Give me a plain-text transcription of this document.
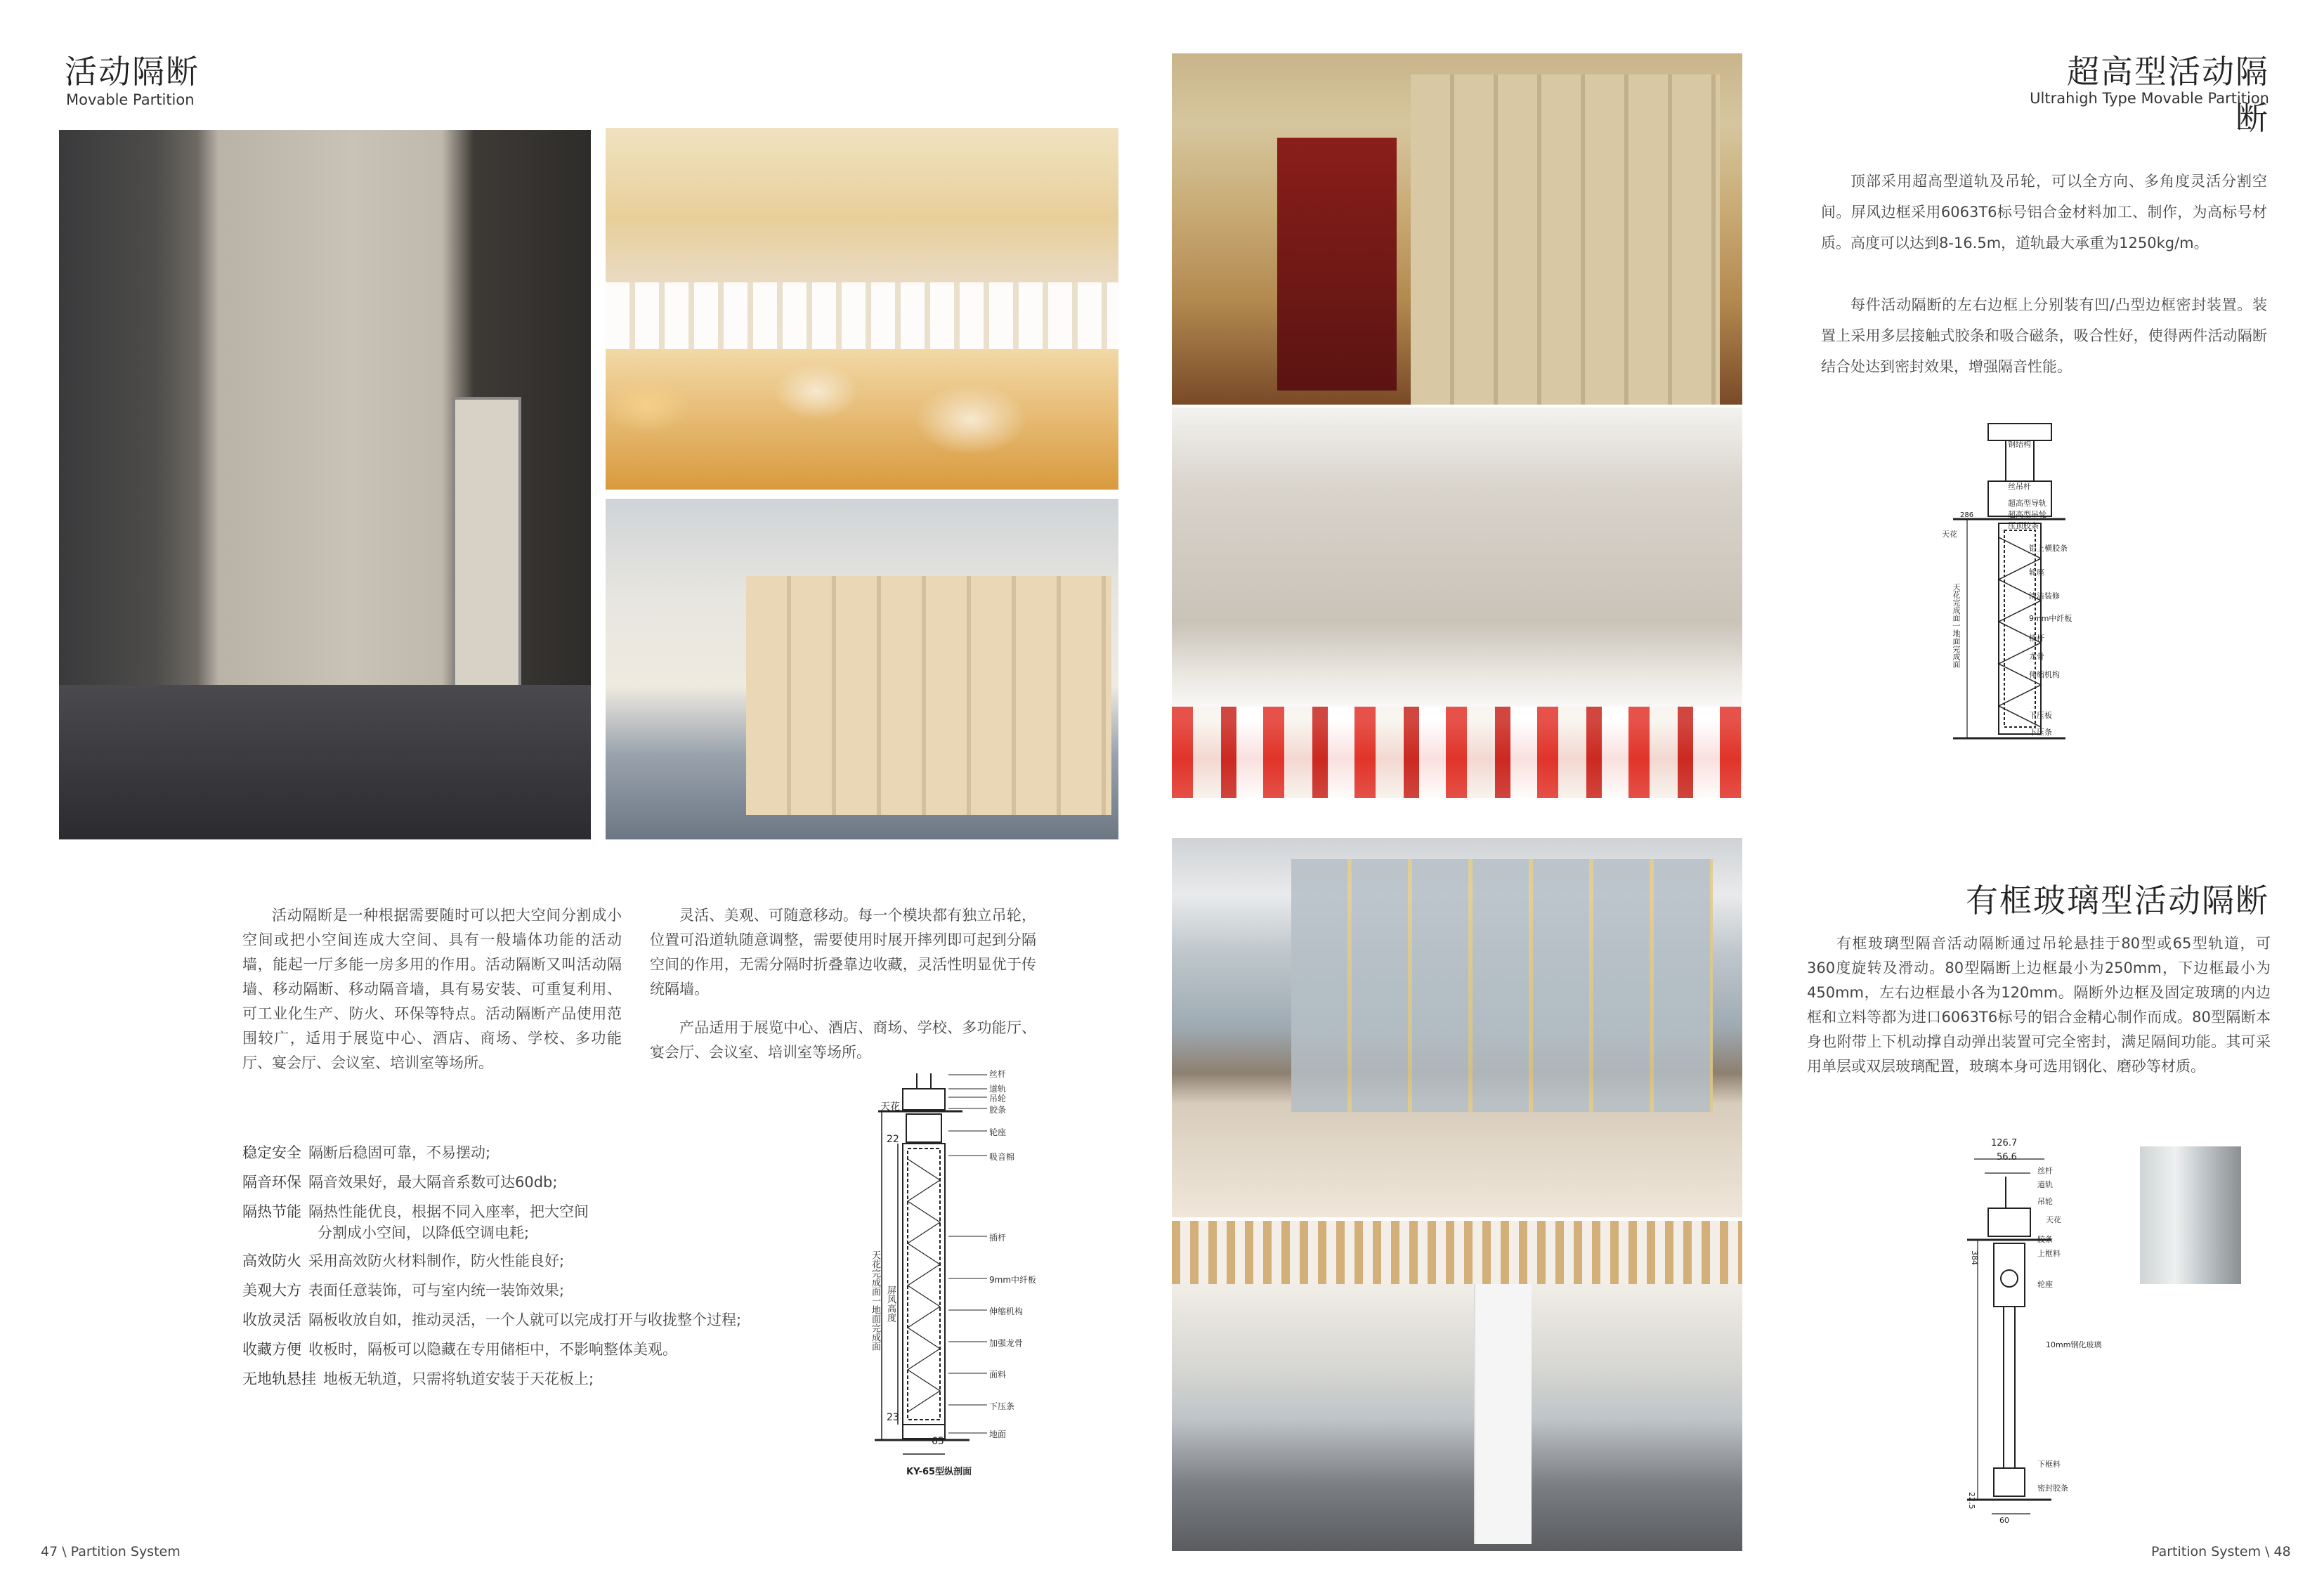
活动隔断
Movable Partition
活动隔断是一种根据需要随时可以把大空间分割成小空间或把小空间连成大空间、具有一般墙体功能的活动墙，能起一厅多能一房多用的作用。活动隔断又叫活动隔墙、移动隔断、移动隔音墙，具有易安装、可重复利用、可工业化生产、防火、环保等特点。活动隔断产品使用范围较广，适用于展览中心、酒店、商场、学校、多功能厅、宴会厅、会议室、培训室等场所。
灵活、美观、可随意移动。每一个模块都有独立吊轮，位置可沿道轨随意调整，需要使用时展开摔列即可起到分隔空间的作用，无需分隔时折叠靠边收藏，灵活性明显优于传统隔墙。
产品适用于展览中心、酒店、商场、学校、多功能厅、宴会厅、会议室、培训室等场所。
稳定安全 隔断后稳固可靠，不易摆动;
隔音环保 隔音效果好，最大隔音系数可达60db;
隔热节能 隔热性能优良，根据不同入座率，把大空间
分割成小空间，以降低空调电耗;
高效防火 采用高效防火材料制作，防火性能良好;
美观大方 表面任意装饰，可与室内统一装饰效果;
收放灵活 隔板收放自如，推动灵活，一个人就可以完成打开与收拢整个过程;
收藏方便 收板时，隔板可以隐藏在专用储柜中，不影响整体美观。
无地轨悬挂 地板无轨道，只需将轨道安装于天花板上;
天花
天花完成面一地面完成面 屏风高度
22
23
65
KY-65型纵剖面
丝杆
道轨
吊轮
胶条
轮座
吸音棉
插杆
9mm中纤板
伸缩机构
加强龙骨
面料
下压条
地面
47 \ Partition System
超高型活动隔断
Ultrahigh Type Movable Partition
顶部采用超高型道轨及吊轮，可以全方向、多角度灵活分割空间。屏风边框采用6063T6标号铝合金材料加工、制作，为高标号材质。高度可以达到8-16.5m，道轨最大承重为1250kg/m。
每件活动隔断的左右边框上分别装有凹/凸型边框密封装置。装置上采用多层接触式胶条和吸合磁条，吸合性好，使得两件活动隔断结合处达到密封效果，增强隔音性能。
钢结构
丝吊杆
超高型导轨
超高型吊轮
压顶胶条
铝上横胶条
轮座
清洁装修
9mm中纤板
插杆
龙骨
伸缩机构
下压板
下压条
天花
天花完成面一地面完成面
286
有框玻璃型活动隔断
有框玻璃型隔音活动隔断通过吊轮悬挂于80型或65型轨道，可360度旋转及滑动。80型隔断上边框最小为250mm，下边框最小为450mm，左右边框最小各为120mm。隔断外边框及固定玻璃的内边框和立料等都为进口6063T6标号的铝合金精心制作而成。80型隔断本身也附带上下机动撑自动弹出装置可完全密封，满足隔间功能。其可采用单层或双层玻璃配置，玻璃本身可选用钢化、磨砂等材质。
126.7
56.6
384
22.5
60
丝杆
道轨
吊轮
天花
胶条
上框料
轮座
10mm钢化玻璃
下框料
密封胶条
Partition System \ 48
